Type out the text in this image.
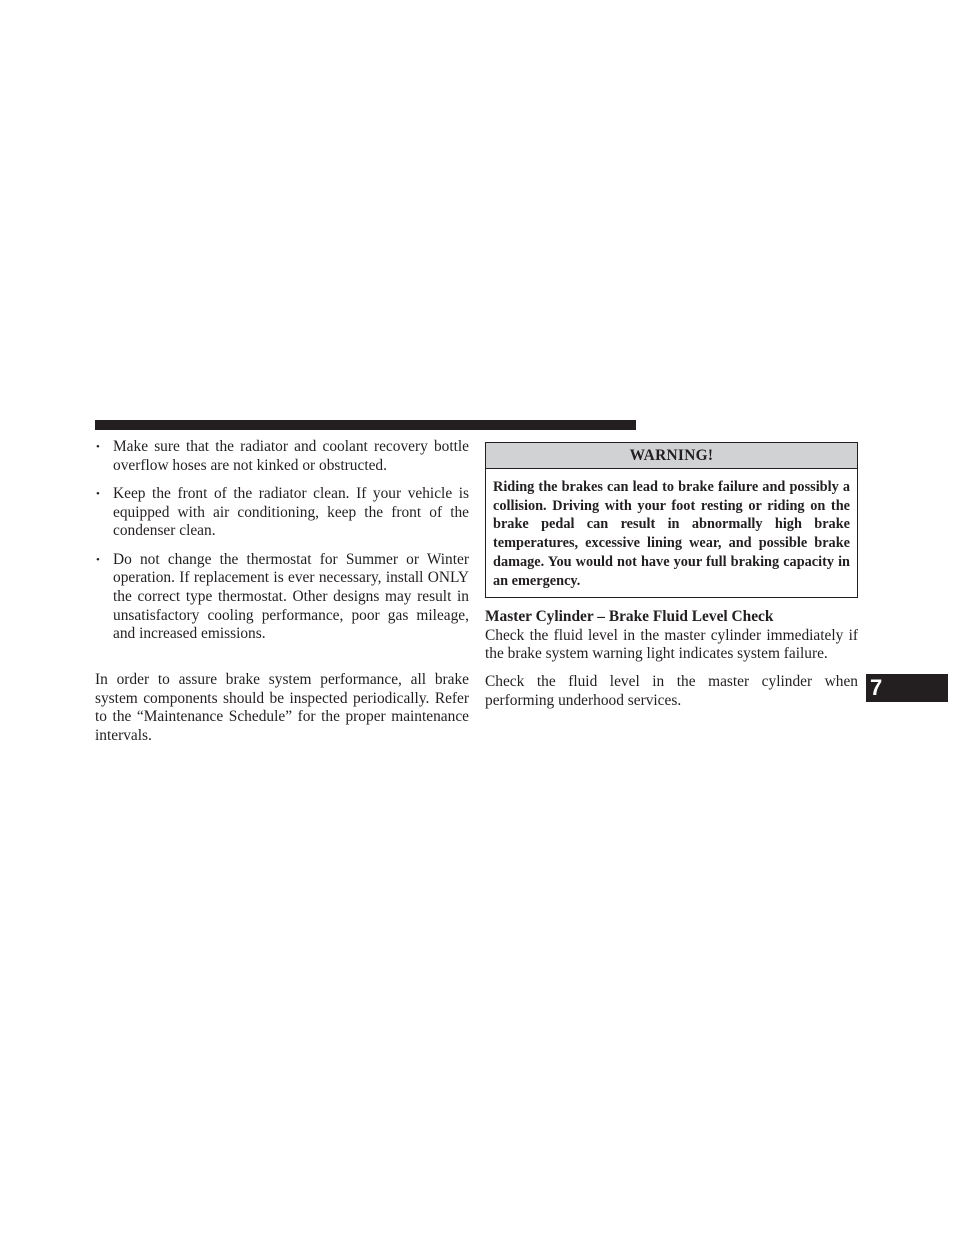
• Make sure that the radiator and coolant recovery bottle overflow hoses are not kinked or obstructed.
• Keep the front of the radiator clean. If your vehicle is equipped with air conditioning, keep the front of the condenser clean.
• Do not change the thermostat for Summer or Winter operation. If replacement is ever necessary, install ONLY the correct type thermostat. Other designs may result in unsatisfactory cooling performance, poor gas mileage, and increased emissions.

In order to assure brake system performance, all brake system components should be inspected periodically. Refer to the “Maintenance Schedule” for the proper maintenance intervals.

WARNING!
Riding the brakes can lead to brake failure and possibly a collision. Driving with your foot resting or riding on the brake pedal can result in abnormally high brake temperatures, excessive lining wear, and possible brake damage. You would not have your full braking capacity in an emergency.
Master Cylinder – Brake Fluid Level Check

Check the fluid level in the master cylinder immediately if the brake system warning light indicates system failure.

Check the fluid level in the master cylinder when performing underhood services.

7
